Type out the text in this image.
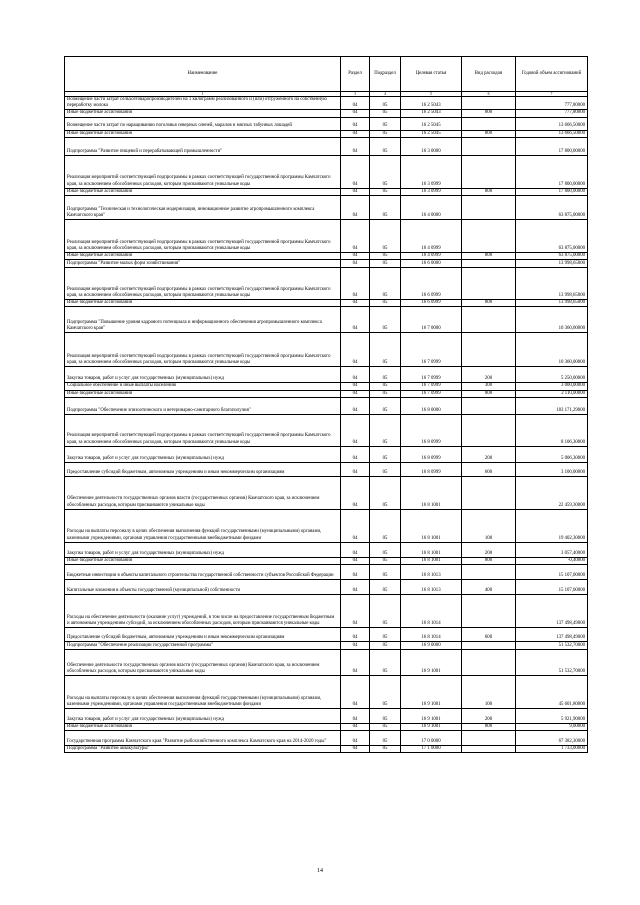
Наименование	Раздел	Подраздел	Целевая статья	Вид расходов	Годовой объем ассигнований
1	3	4	5	6	7
Возмещение части затрат сельхозтоваропроизводителей на 1 килограмм реализованного и (или) отгруженного на собственную переработку молока	04	05	16 2 5043		777,80000
Иные бюджетные ассигнования	04	05	16 2 5043	800	777,80000
Возмещение части затрат по наращиванию поголовья северных оленей, маралов и мясных табунных лошадей	04	05	16 2 5045		13 666,50000
Иные бюджетные ассигнования	04	05	16 2 5045	800	13 666,50000
Подпрограмма "Развитие пищевой и перерабатывающей промышленности"	04	05	16 3 0000		17 800,00000
Реализация мероприятий соответствующей подпрограммы в рамках соответствующей государственной программы Камчатского края, за исключением обособленных расходов, которым присваиваются уникальные коды	04	05	16 3 0999		17 800,00000
Иные бюджетные ассигнования	04	05	16 3 0999	800	17 800,00000
Подпрограмма "Техническая и технологическая модернизация, инновационное развитие агропромышленного комплекса Камчатского края"	04	05	16 4 0000		63 875,00000
Реализация мероприятий соответствующей подпрограммы в рамках соответствующей государственной программы Камчатского края, за исключением обособленных расходов, которым присваиваются уникальные коды	04	05	16 4 0999		63 875,00000
Иные бюджетные ассигнования	04	05	16 4 0999	800	63 875,00000
Подпрограмма "Развитие малых форм хозяйствования"	04	05	16 6 0000		13 998,65000
Реализация мероприятий соответствующей подпрограммы в рамках соответствующей государственной программы Камчатского края, за исключением обособленных расходов, которым присваиваются уникальные коды	04	05	16 6 0999		13 998,65000
Иные бюджетные ассигнования	04	05	16 6 0999	800	13 998,65000
Подпрограмма "Повышение уровня кадрового потенциала и информационного обеспечения агропромышленного комплекса Камчатского края"	04	05	16 7 0000		10 360,00000
Реализация мероприятий соответствующей подпрограммы в рамках соответствующей государственной программы Камчатского края, за исключением обособленных расходов, которым присваиваются уникальные коды	04	05	16 7 0999		10 360,00000
Закупка товаров, работ и услуг для государственных (муниципальных) нужд	04	05	16 7 0999	200	5 250,00000
Социальное обеспечение и иные выплаты населению	04	05	16 7 0999	300	3 000,00000
Иные бюджетные ассигнования	04	05	16 7 0999	800	2 110,00000
Подпрограмма "Обеспечение эпизоотического и ветеринарно-санитарного благополучия"	04	05	16 8 0000		183 171,29000
Реализация мероприятий соответствующей подпрограммы в рамках соответствующей государственной программы Камчатского края, за исключением обособленных расходов, которым присваиваются уникальные коды	04	05	16 8 0999		8 106,30000
Закупка товаров, работ и услуг для государственных (муниципальных) нужд	04	05	16 8 0999	200	5 006,30000
Предоставление субсидий бюджетным, автономным учреждениям и иным некоммерческим организациям	04	05	16 8 0999	600	3 100,00000
Обеспечение деятельности государственных органов власти (государственных органов) Камчатского края, за исключением обособленных расходов, которым присваиваются уникальные коды	04	05	16 8 1001		22 459,30000
Расходы на выплаты персоналу в целях обеспечения выполнения функций государственными (муниципальными) органами, казенными учреждениями, органами управления государственными внебюджетными фондами	04	05	16 8 1001	100	19 402,30000
Закупка товаров, работ и услуг для государственных (муниципальных) нужд	04	05	16 8 1001	200	3 057,40000
Иные бюджетные ассигнования	04	05	16 8 1001	800	-0,40000
Бюджетные инвестиции в объекты капитального строительства государственной собственности субъектов Российской Федерации	04	05	16 8 1013		15 107,00000
Капитальные вложения в объекты государственной (муниципальной) собственности	04	05	16 8 1013	400	15 107,00000
Расходы на обеспечение деятельности (оказание услуг) учреждений, в том числе на предоставление государственным бюджетным и автономным учреждениям субсидий, за исключением обособленных расходов, которым присваиваются уникальные коды	04	05	16 8 1014		137 498,49000
Предоставление субсидий бюджетным, автономным учреждениям и иным некоммерческим организациям	04	05	16 8 1014	600	137 498,49000
Подпрограмма "Обеспечение реализации государственной программы"	04	05	16 9 0000		51 532,70000
Обеспечение деятельности государственных органов власти (государственных органов) Камчатского края, за исключением обособленных расходов, которым присваиваются уникальные коды	04	05	16 9 1001		51 532,70000
Расходы на выплаты персоналу в целях обеспечения выполнения функций государственными (муниципальными) органами, казенными учреждениями, органами управления государственными внебюджетными фондами	04	05	16 9 1001	100	45 601,80000
Закупка товаров, работ и услуг для государственных (муниципальных) нужд	04	05	16 9 1001	200	5 921,90000
Иные бюджетные ассигнования	04	05	16 9 1001	800	9,00000
Государственная программа Камчатского края "Развитие рыбохозяйственного комплекса Камчатского края на 2014-2020 годы"	04	05	17 0 0000		67 382,30000
Подпрограмма "Развитие аквакультуры"	04	05	17 1 0000		1 733,00000
14
